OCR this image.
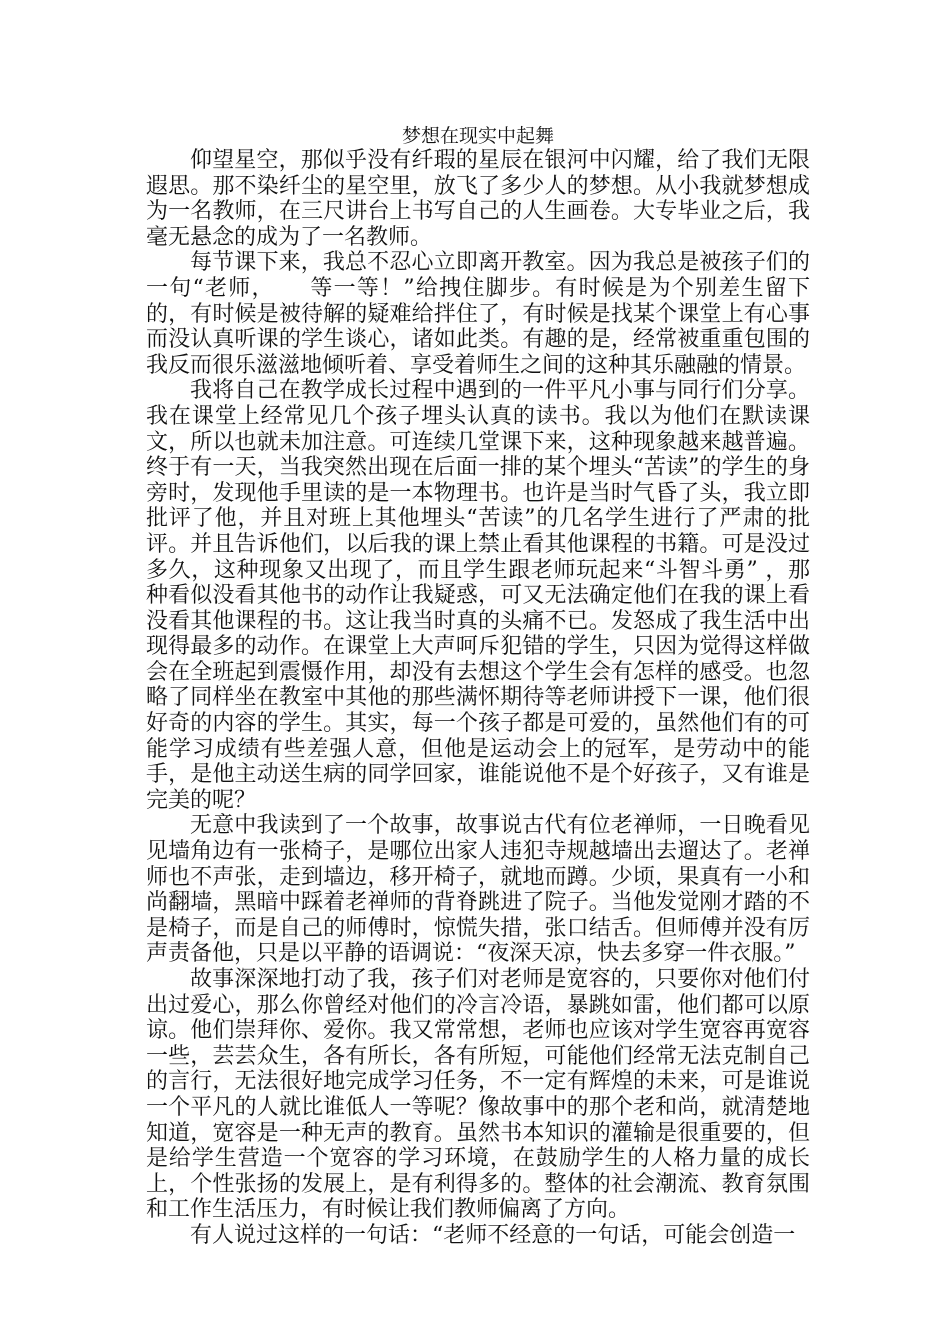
梦想在现实中起舞

仰望星空，那似乎没有纤瑕的星辰在银河中闪耀，给了我们无限遐思。那不染纤尘的星空里，放飞了多少人的梦想。从小我就梦想成为一名教师，在三尺讲台上书写自己的人生画卷。大专毕业之后，我毫无悬念的成为了一名教师。

每节课下来，我总不忍心立即离开教室。因为我总是被孩子们的一句“老师，　　等一等！”给拽住脚步。有时候是为个别差生留下的，有时候是被待解的疑难给拌住了，有时候是找某个课堂上有心事而没认真听课的学生谈心，诸如此类。有趣的是，经常被重重包围的我反而很乐滋滋地倾听着、享受着师生之间的这种其乐融融的情景。

我将自己在教学成长过程中遇到的一件平凡小事与同行们分享。我在课堂上经常见几个孩子埋头认真的读书。我以为他们在默读课文，所以也就未加注意。可连续几堂课下来，这种现象越来越普遍。终于有一天，当我突然出现在后面一排的某个埋头“苦读”的学生的身旁时，发现他手里读的是一本物理书。也许是当时气昏了头，我立即批评了他，并且对班上其他埋头“苦读”的几名学生进行了严肃的批评。并且告诉他们，以后我的课上禁止看其他课程的书籍。可是没过多久，这种现象又出现了，而且学生跟老师玩起来“斗智斗勇” ，那种看似没看其他书的动作让我疑惑，可又无法确定他们在我的课上看没看其他课程的书。这让我当时真的头痛不已。发怒成了我生活中出现得最多的动作。在课堂上大声呵斥犯错的学生，只因为觉得这样做会在全班起到震慑作用，却没有去想这个学生会有怎样的感受。也忽略了同样坐在教室中其他的那些满怀期待等老师讲授下一课，他们很好奇的内容的学生。其实，每一个孩子都是可爱的，虽然他们有的可能学习成绩有些差强人意，但他是运动会上的冠军，是劳动中的能手，是他主动送生病的同学回家，谁能说他不是个好孩子，又有谁是完美的呢？

无意中我读到了一个故事，故事说古代有位老禅师，一日晚看见见墙角边有一张椅子，是哪位出家人违犯寺规越墙出去遛达了。老禅师也不声张，走到墙边，移开椅子，就地而蹲。少顷，果真有一小和尚翻墙，黑暗中踩着老禅师的背脊跳进了院子。当他发觉刚才踏的不是椅子，而是自己的师傅时，惊慌失措，张口结舌。但师傅并没有厉声责备他，只是以平静的语调说：“夜深天凉，快去多穿一件衣服。”

故事深深地打动了我，孩子们对老师是宽容的，只要你对他们付出过爱心，那么你曾经对他们的冷言冷语，暴跳如雷，他们都可以原谅。他们崇拜你、爱你。我又常常想，老师也应该对学生宽容再宽容一些，芸芸众生，各有所长，各有所短，可能他们经常无法克制自己的言行，无法很好地完成学习任务，不一定有辉煌的未来，可是谁说一个平凡的人就比谁低人一等呢？像故事中的那个老和尚，就清楚地知道，宽容是一种无声的教育。虽然书本知识的灌输是很重要的，但是给学生营造一个宽容的学习环境，在鼓励学生的人格力量的成长上，个性张扬的发展上，是有利得多的。整体的社会潮流、教育氛围和工作生活压力，有时候让我们教师偏离了方向。

有人说过这样的一句话：“老师不经意的一句话，可能会创造一
